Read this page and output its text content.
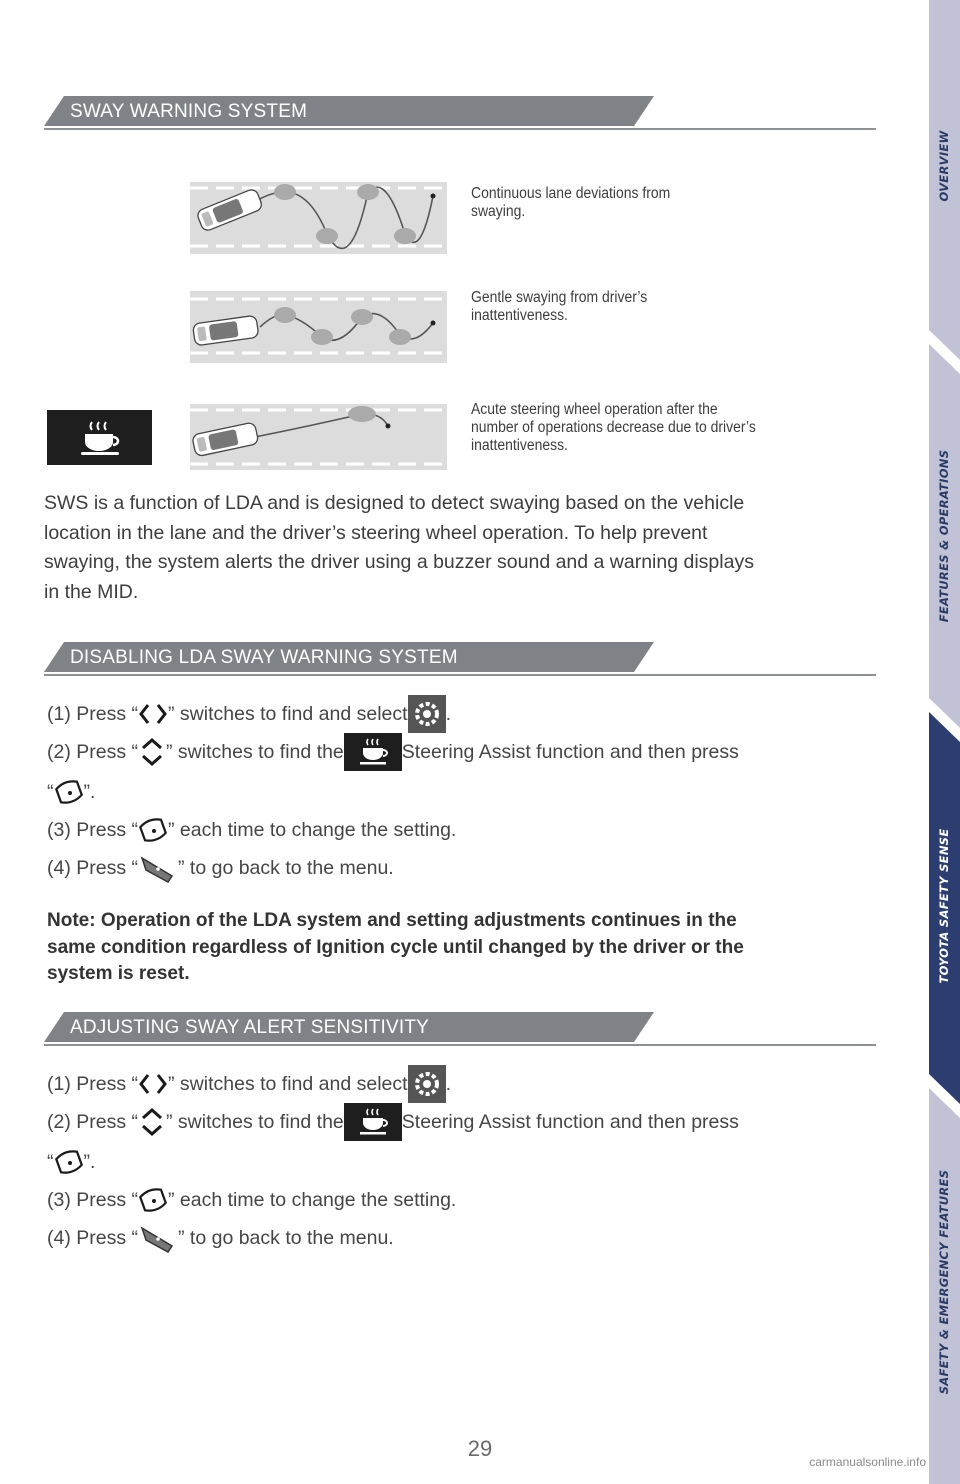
OVERVIEW
FEATURES & OPERATIONS
TOYOTA SAFETY SENSE
SAFETY & EMERGENCY FEATURES
SWAY WARNING SYSTEM
Continuous lane deviations from
swaying.
Gentle swaying from driver’s
inattentiveness.
Acute steering wheel operation after the
number of operations decrease due to driver’s
inattentiveness.
SWS is a function of LDA and is designed to detect swaying based on the vehicle
location in the lane and the driver’s steering wheel operation. To help prevent
swaying, the system alerts the driver using a buzzer sound and a warning displays
in the MID.
DISABLING LDA SWAY WARNING SYSTEM
(1) Press “ ” switches to find and select .
(2) Press “ ” switches to find the	Steering Assist function and then press
“ ”.
(3) Press “ ” each time to change the setting.
(4) Press “ ” to go back to the menu.
Note: Operation of the LDA system and setting adjustments continues in the
same condition regardless of Ignition cycle until changed by the driver or the
system is reset.
ADJUSTING SWAY ALERT SENSITIVITY
(1) Press “ ” switches to find and select .
(2) Press “ ” switches to find the	Steering Assist function and then press
“ ”.
(3) Press “ ” each time to change the setting.
(4) Press “ ” to go back to the menu.
29
carmanualsonline.info
